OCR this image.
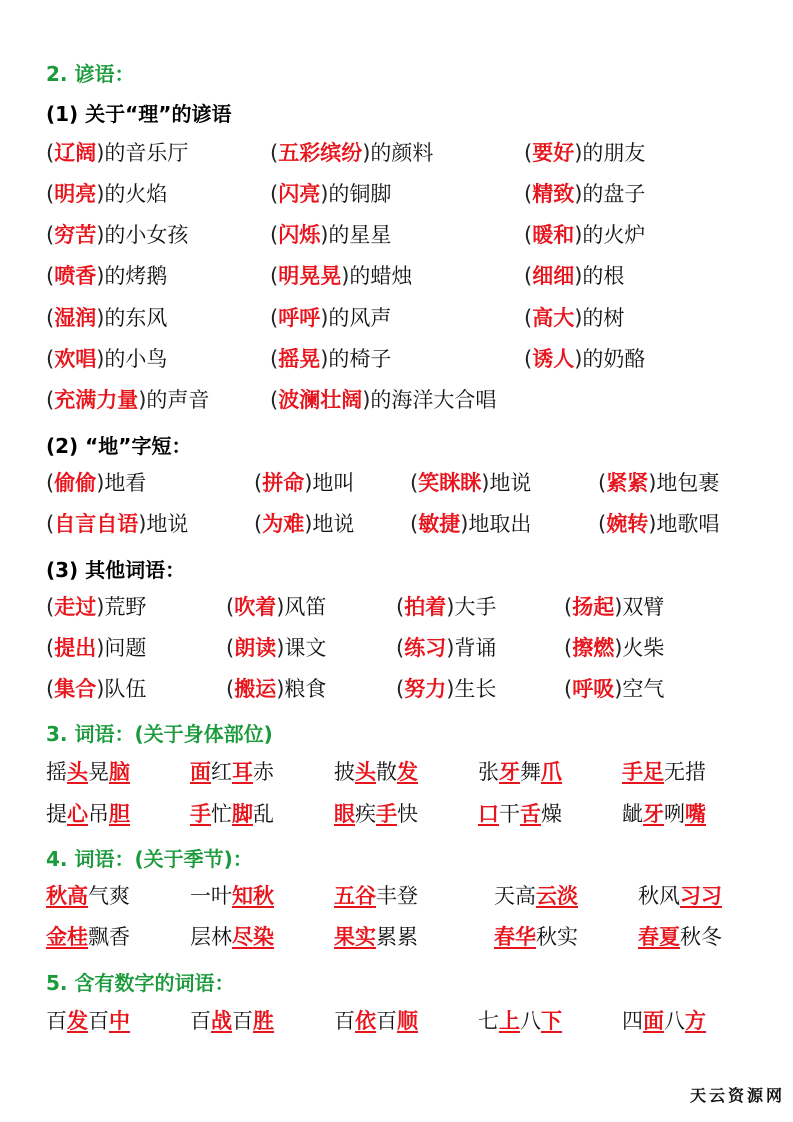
2. 谚语：
(1) 关于“理”的谚语
(辽阔)的音乐厅	(五彩缤纷)的颜料	(要好)的朋友
(明亮)的火焰	(闪亮)的铜脚	(精致)的盘子
(穷苦)的小女孩	(闪烁)的星星	(暖和)的火炉
(喷香)的烤鹅	(明晃晃)的蜡烛	(细细)的根
(湿润)的东风	(呼呼)的风声	(高大)的树
(欢唱)的小鸟	(摇晃)的椅子	(诱人)的奶酪
(充满力量)的声音	(波澜壮阔)的海洋大合唱
(2) “地”字短：
(偷偷)地看	(拼命)地叫	(笑眯眯)地说	(紧紧)地包裹
(自言自语)地说	(为难)地说	(敏捷)地取出	(婉转)地歌唱
(3) 其他词语：
(走过)荒野	(吹着)风笛	(拍着)大手	(扬起)双臂
(提出)问题	(朗读)课文	(练习)背诵	(擦燃)火柴
(集合)队伍	(搬运)粮食	(努力)生长	(呼吸)空气
3. 词语：(关于身体部位)
摇头晃脑	面红耳赤	披头散发	张牙舞爪	手足无措
提心吊胆	手忙脚乱	眼疾手快	口干舌燥	龇牙咧嘴
4. 词语：(关于季节)：
秋高气爽	一叶知秋	五谷丰登	天高云淡	秋风习习
金桂飘香	层林尽染	果实累累	春华秋实	春夏秋冬
5. 含有数字的词语：
百发百中	百战百胜	百依百顺	七上八下	四面八方
天云资源网
